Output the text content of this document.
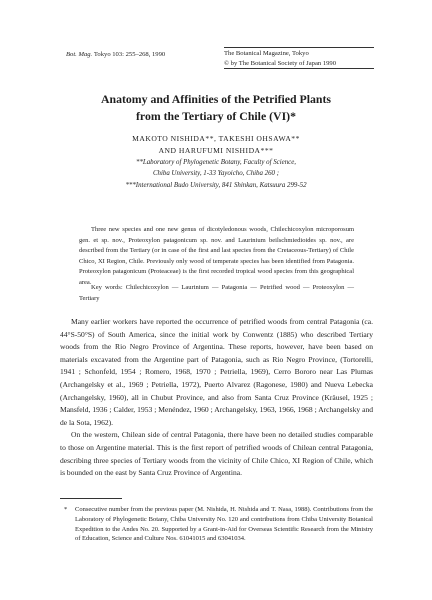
Bot. Mag. Tokyo 103: 255–268, 1990	The Botanical Magazine, Tokyo
© by The Botanical Society of Japan 1990
Anatomy and Affinities of the Petrified Plants
from the Tertiary of Chile (VI)*
MAKOTO NISHIDA**, TAKESHI OHSAWA**
AND HARUFUMI NISHIDA***
**Laboratory of Phylogenetic Botany, Faculty of Science,
Chiba University, 1-33 Yayoicho, Chiba 260 ;
***International Budo University, 841 Shinkan, Katsuura 299-52

Three new species and one new genus of dicotyledonous woods, Chilechicoxylon microporosum gen. et sp. nov., Proteoxylon patagonicum sp. nov. and Laurinium beilschmiedioides sp. nov., are described from the Tertiary (or in case of the first and last species from the Cretaceous-Tertiary) of Chile Chico, XI Region, Chile. Previously only wood of temperate species has been identified from Patagonia. Proteoxylon patagonicum (Proteaceae) is the first recorded tropical wood species from this geographical area.

Key words: Chilechicoxylon — Laurinium — Patagonia — Petrified wood — Proteoxylon — Tertiary

Many earlier workers have reported the occurrence of petrified woods from central Patagonia (ca. 44°S-50°S) of South America, since the initial work by Conwentz (1885) who described Tertiary woods from the Rio Negro Province of Argentina. These reports, however, have been based on materials excavated from the Argentine part of Patagonia, such as Rio Negro Province, (Tortorelli, 1941 ; Schonfeld, 1954 ; Romero, 1968, 1970 ; Petriella, 1969), Cerro Bororo near Las Plumas (Archangelsky et al., 1969 ; Petriella, 1972), Puerto Alvarez (Ragonese, 1980) and Nueva Lebecka (Archangelsky, 1960), all in Chubut Province, and also from Santa Cruz Province (Kräusel, 1925 ; Mansfeld, 1936 ; Calder, 1953 ; Menéndez, 1960 ; Archangelsky, 1963, 1966, 1968 ; Archangelsky and de la Sota, 1962).

On the western, Chilean side of central Patagonia, there have been no detailed studies comparable to those on Argentine material. This is the first report of petrified woods of Chilean central Patagonia, describing three species of Tertiary woods from the vicinity of Chile Chico, XI Region of Chile, which is bounded on the east by Santa Cruz Province of Argentina.

* Consecutive number from the previous paper (M. Nishida, H. Nishida and T. Nasa, 1988). Contributions from the Laboratory of Phylogenetic Botany, Chiba University No. 120 and contributions from Chiba University Botanical Expedition to the Andes No. 20. Supported by a Grant-in-Aid for Overseas Scientific Research from the Ministry of Education, Science and Culture Nos. 61041015 and 63041034.
